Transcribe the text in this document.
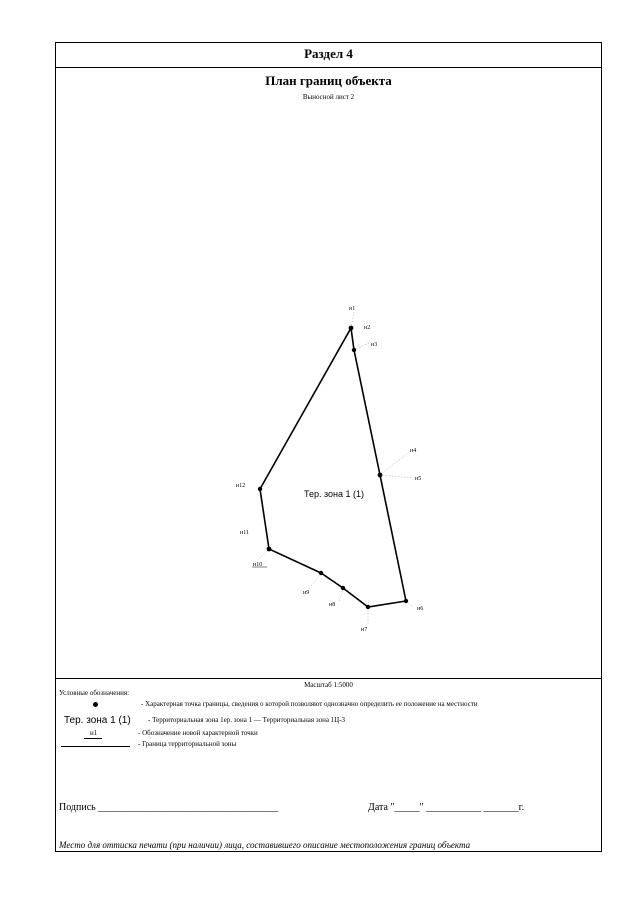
Раздел 4
План границ объекта
Выносной лист 2
н1
н2
н3
н4
н5
н6
н7
н8
н9
н10
н11
н12
Тер. зона 1 (1)
Масштаб 1:5000
Условные обозначения:
- Характерная точка границы, сведения о которой позволяют однозначно определить ее положение на местности
Тер. зона 1 (1) - Территориальная зона 1ер. зона 1 — Территориальная зона 1Ц-3
н1	- Обозначение новой характерной точки
- Граница территориальной зоны
Подпись ____________________________________	Дата "_____" ___________ _______г.
Место для оттиска печати (при наличии) лица, составившего описание местоположения границ объекта
